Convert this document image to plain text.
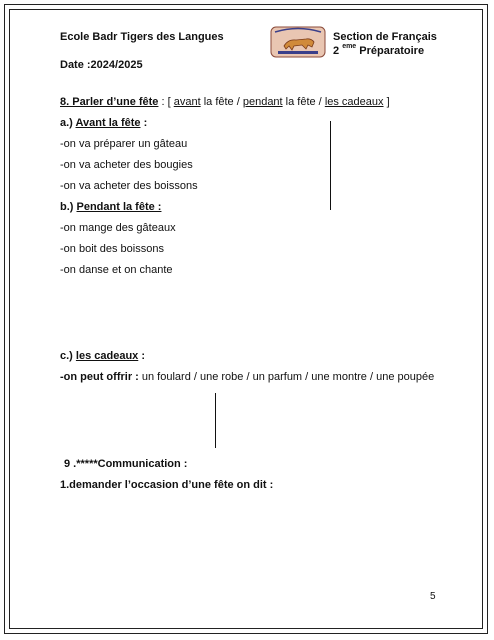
Ecole Badr Tigers des Langues	Section de Français
2 $^{eme}$ Préparatoire
Date :2024/2025
8. Parler d’une fête : [ avant la fête / pendant la fête / les cadeaux ]
a.) Avant la fête :
-on va préparer un gâteau
-on va acheter des bougies
-on va acheter des boissons
b.) Pendant la fête :
-on mange des gâteaux
-on boit des boissons
-on danse et on chante
c.) les cadeaux :
-on peut offrir : un foulard / une robe / un parfum / une montre / une poupée
9 .*****Communication :
1.demander l’occasion d’une fête on dit :
5
